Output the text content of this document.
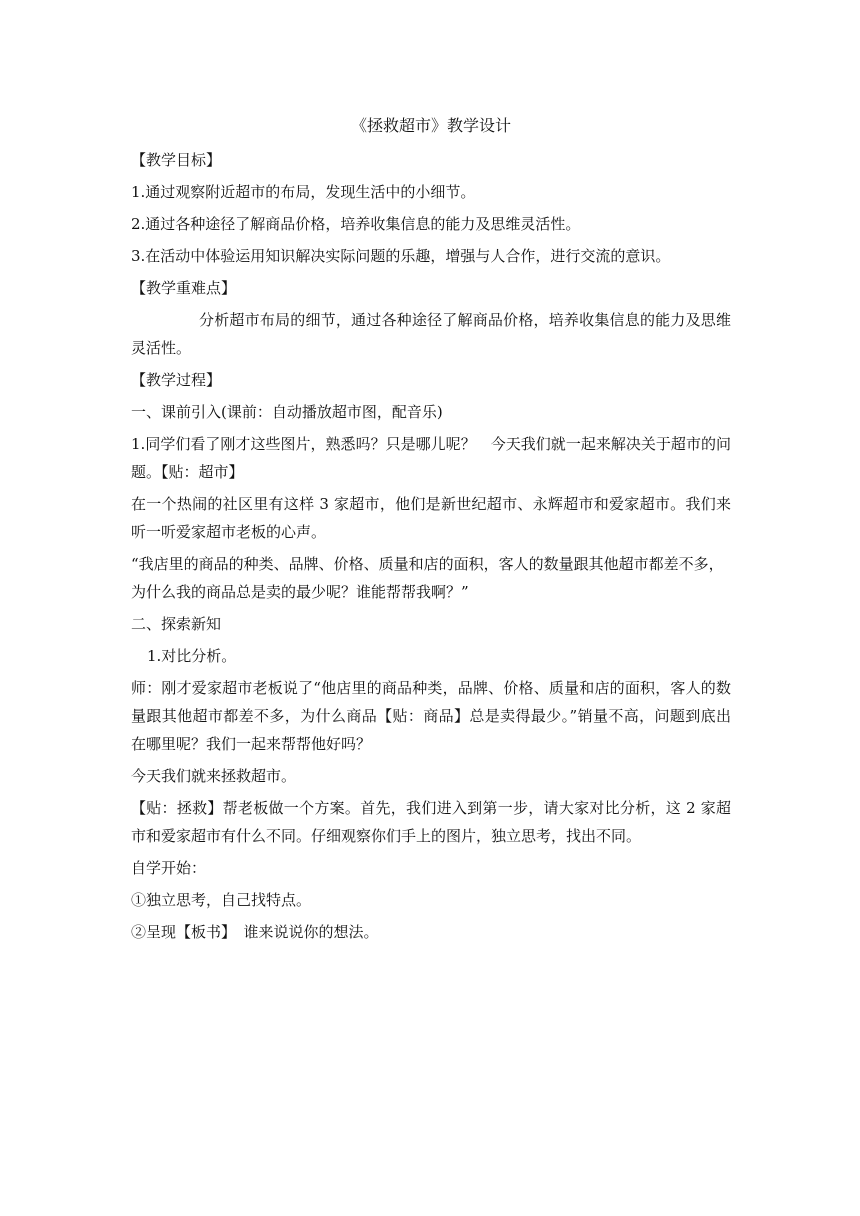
《拯救超市》教学设计
【教学目标】
1.通过观察附近超市的布局，发现生活中的小细节。
2.通过各种途径了解商品价格，培养收集信息的能力及思维灵活性。
3.在活动中体验运用知识解决实际问题的乐趣，增强与人合作，进行交流的意识。
【教学重难点】
分析超市布局的细节，通过各种途径了解商品价格，培养收集信息的能力及思维灵活性。
【教学过程】
一、课前引入(课前：自动播放超市图，配音乐)
1.同学们看了刚才这些图片，熟悉吗？只是哪儿呢？　今天我们就一起来解决关于超市的问题。【贴：超市】
在一个热闹的社区里有这样 3 家超市，他们是新世纪超市、永辉超市和爱家超市。我们来听一听爱家超市老板的心声。
“我店里的商品的种类、品牌、价格、质量和店的面积，客人的数量跟其他超市都差不多，为什么我的商品总是卖的最少呢？谁能帮帮我啊？”
二、探索新知
1.对比分析。
师：刚才爱家超市老板说了“他店里的商品种类，品牌、价格、质量和店的面积，客人的数量跟其他超市都差不多，为什么商品【贴：商品】总是卖得最少。”销量不高，问题到底出在哪里呢？我们一起来帮帮他好吗？
今天我们就来拯救超市。
【贴：拯救】帮老板做一个方案。首先，我们进入到第一步，请大家对比分析，这 2 家超市和爱家超市有什么不同。仔细观察你们手上的图片，独立思考，找出不同。
自学开始：
①独立思考，自己找特点。
②呈现【板书】　谁来说说你的想法。
